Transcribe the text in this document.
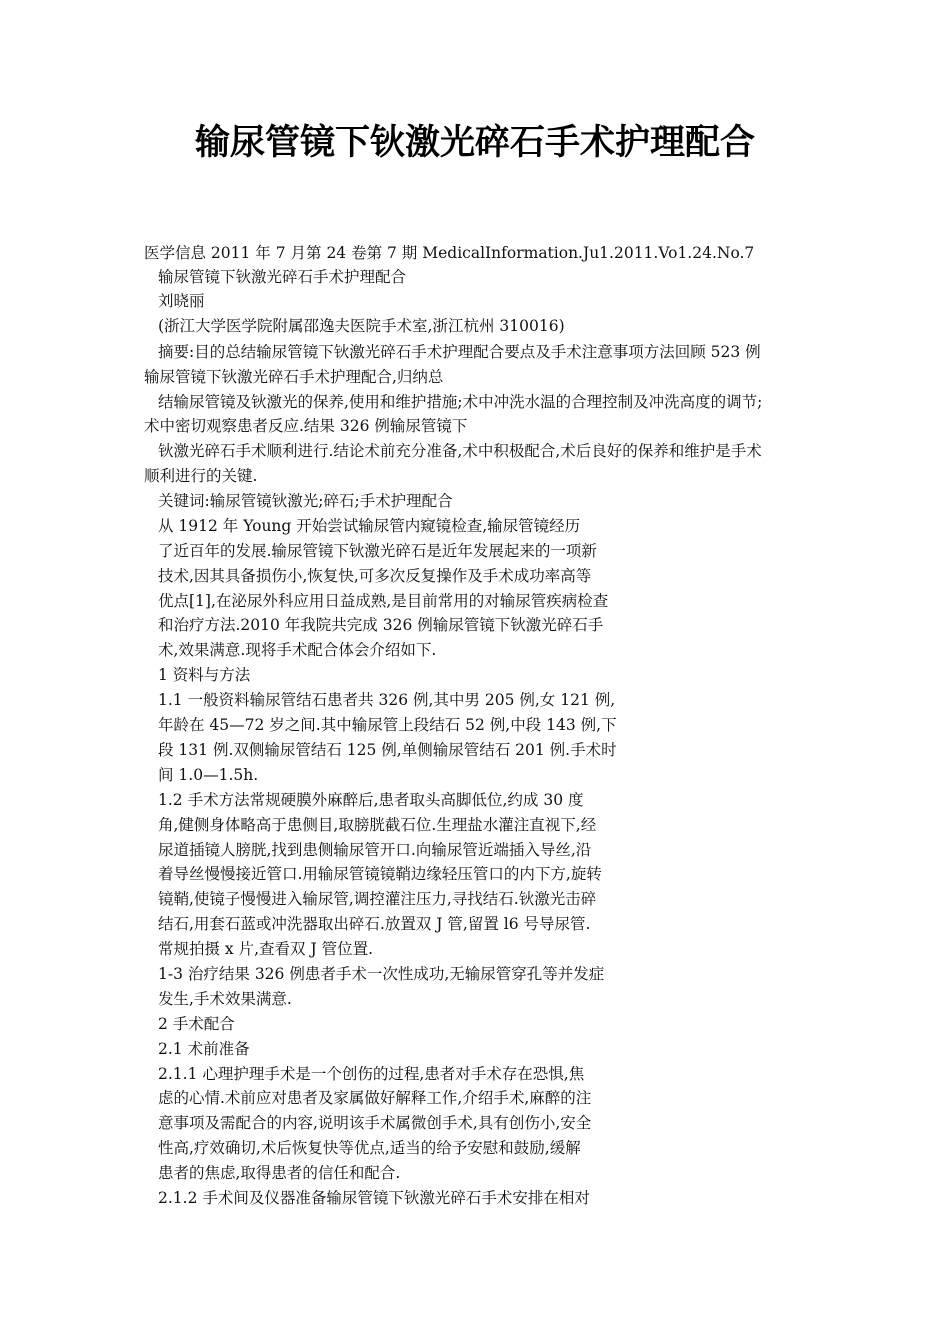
输尿管镜下钬激光碎石手术护理配合
医学信息 2011 年 7 月第 24 卷第 7 期 MedicalInformation.Ju1.2011.Vo1.24.No.7
输尿管镜下钬激光碎石手术护理配合
刘晓丽
(浙江大学医学院附属邵逸夫医院手术室,浙江杭州 310016)
摘要:目的总结输尿管镜下钬激光碎石手术护理配合要点及手术注意事项方法回顾 523 例
输尿管镜下钬激光碎石手术护理配合,归纳总
结输尿管镜及钬激光的保养,使用和维护措施;术中冲洗水温的合理控制及冲洗高度的调节;
术中密切观察患者反应.结果 326 例输尿管镜下
钬激光碎石手术顺利进行.结论术前充分准备,术中积极配合,术后良好的保养和维护是手术
顺利进行的关键.
关键词:输尿管镜钬激光;碎石;手术护理配合
从 1912 年 Young 开始尝试输尿管内窥镜检查,输尿管镜经历
了近百年的发展.输尿管镜下钬激光碎石是近年发展起来的一项新
技术,因其具备损伤小,恢复快,可多次反复操作及手术成功率高等
优点[1],在泌尿外科应用日益成熟,是目前常用的对输尿管疾病检查
和治疗方法.2010 年我院共完成 326 例输尿管镜下钬激光碎石手
术,效果满意.现将手术配合体会介绍如下.
1 资料与方法
1.1 一般资料输尿管结石患者共 326 例,其中男 205 例,女 121 例,
年龄在 45—72 岁之间.其中输尿管上段结石 52 例,中段 143 例,下
段 131 例.双侧输尿管结石 125 例,单侧输尿管结石 201 例.手术时
间 1.0—1.5h.
1.2 手术方法常规硬膜外麻醉后,患者取头高脚低位,约成 30 度
角,健侧身体略高于患侧目,取膀胱截石位.生理盐水灌注直视下,经
尿道插镜人膀胱,找到患侧输尿管开口.向输尿管近端插入导丝,沿
着导丝慢慢接近管口.用输尿管镜镜鞘边缘轻压管口的内下方,旋转
镜鞘,使镜子慢慢进入输尿管,调控灌注压力,寻找结石.钬激光击碎
结石,用套石蓝或冲洗器取出碎石.放置双 J 管,留置 l6 号导尿管.
常规拍摄 x 片,查看双 J 管位置.
1-3 治疗结果 326 例患者手术一次性成功,无输尿管穿孔等并发症
发生,手术效果满意.
2 手术配合
2.1 术前准备
2.1.1 心理护理手术是一个创伤的过程,患者对手术存在恐惧,焦
虑的心情.术前应对患者及家属做好解释工作,介绍手术,麻醉的注
意事项及需配合的内容,说明该手术属微创手术,具有创伤小,安全
性高,疗效确切,术后恢复快等优点,适当的给予安慰和鼓励,缓解
患者的焦虑,取得患者的信任和配合.
2.1.2 手术间及仪器准备输尿管镜下钬激光碎石手术安排在相对
